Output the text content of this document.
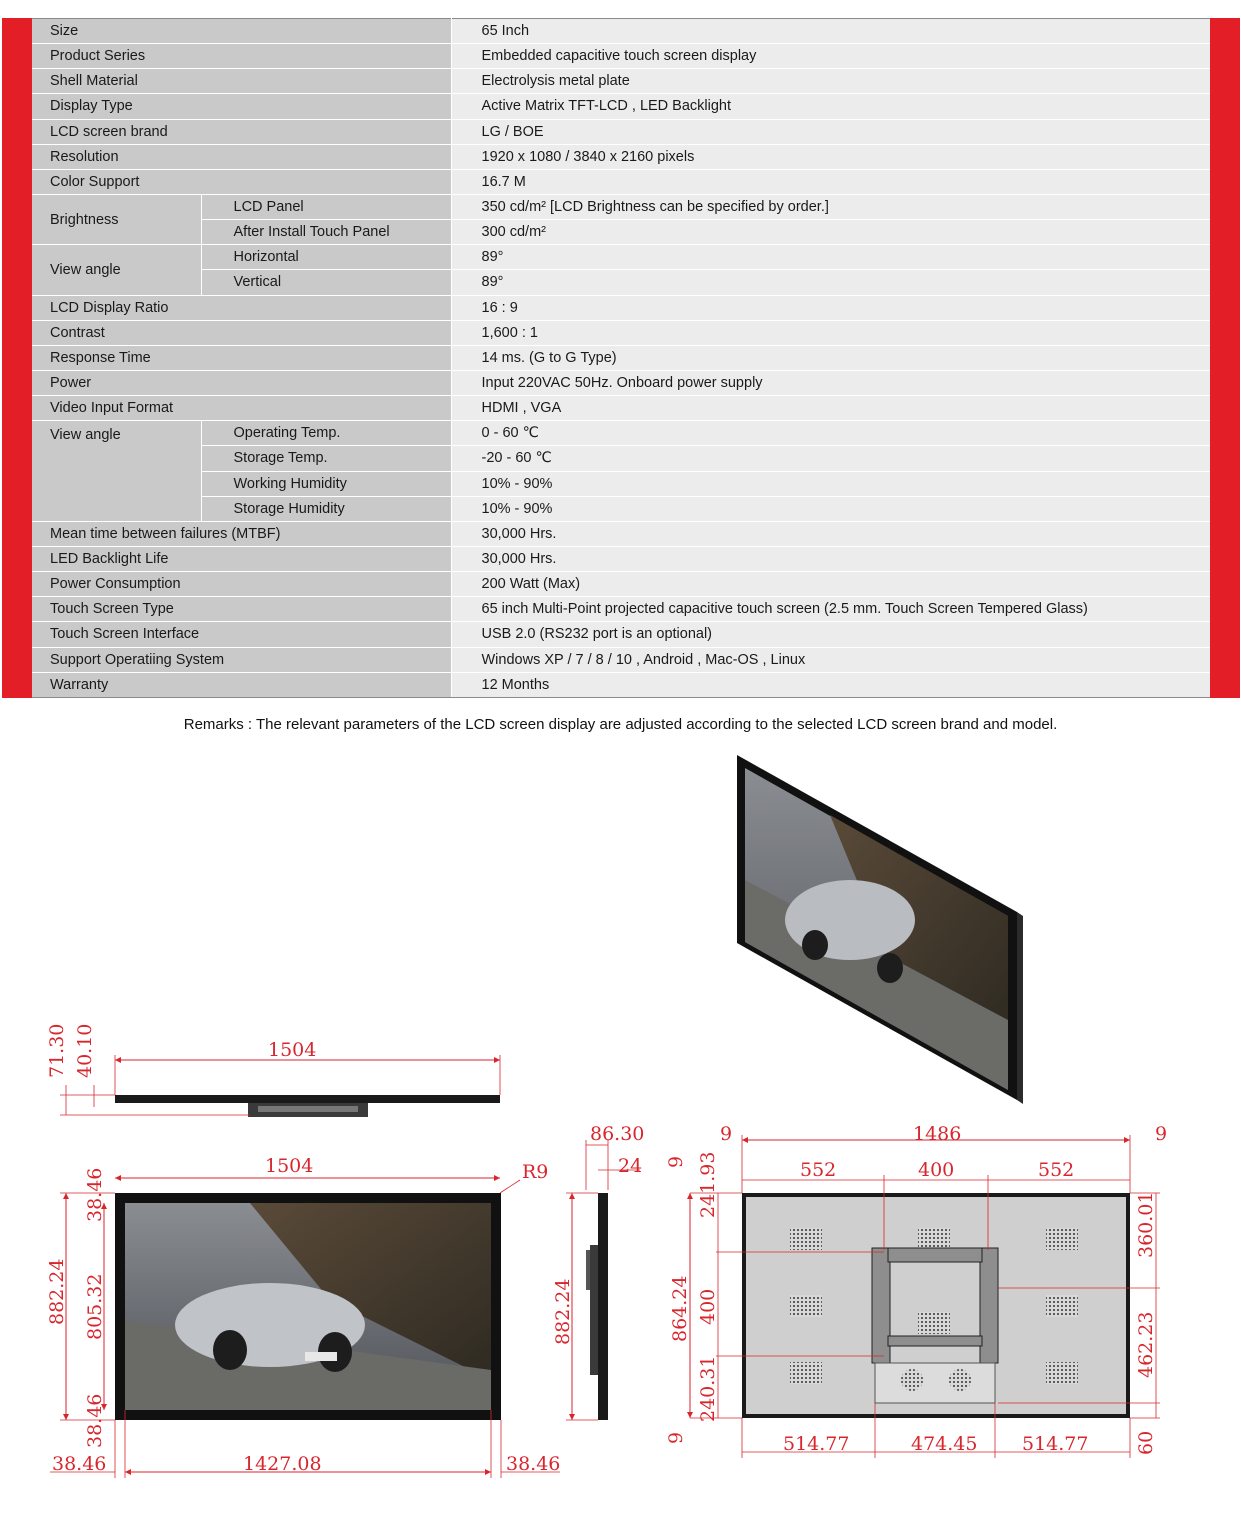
Size		65 Inch
Product Series		Embedded capacitive touch screen display
Shell Material		Electrolysis metal plate
Display Type		Active Matrix TFT-LCD , LED Backlight
LCD screen brand		LG / BOE
Resolution		1920 x 1080 / 3840 x 2160 pixels
Color Support		16.7 M
Brightness	LCD Panel	350 cd/m² [LCD Brightness can be specified by order.]
	After Install Touch Panel	300 cd/m²
View angle	Horizontal	89°
	Vertical	89°
LCD Display Ratio		16 : 9
Contrast		1,600 : 1
Response Time		14 ms. (G to G Type)
Power		Input 220VAC 50Hz. Onboard power supply
Video Input Format		HDMI , VGA
View angle	Operating Temp.	0 - 60 ℃
	Storage Temp.	-20 - 60 ℃
	Working Humidity	10% - 90%
	Storage Humidity	10% - 90%
Mean time between failures (MTBF)		30,000 Hrs.
LED Backlight Life		30,000 Hrs.
Power Consumption		200 Watt (Max)
Touch Screen Type		65 inch Multi-Point projected capacitive touch screen (2.5 mm. Touch Screen Tempered Glass)
Touch Screen Interface		USB 2.0 (RS232 port is an optional)
Support Operatiing System		Windows XP / 7 / 8 / 10 , Android , Mac-OS , Linux
Warranty		12 Months
Remarks : The relevant parameters of the LCD screen display are adjusted according to the selected LCD screen brand and model.
1504
71.30 40.10
1504	R9
882.24 805.32
38.46
38.46
38.46	1427.08	38.46
86.30
24
882.24
9	1486	9
552	400	552
9 241.93
864.24 400
240.31
9
360.01
462.23
60
514.77	474.45 514.77
